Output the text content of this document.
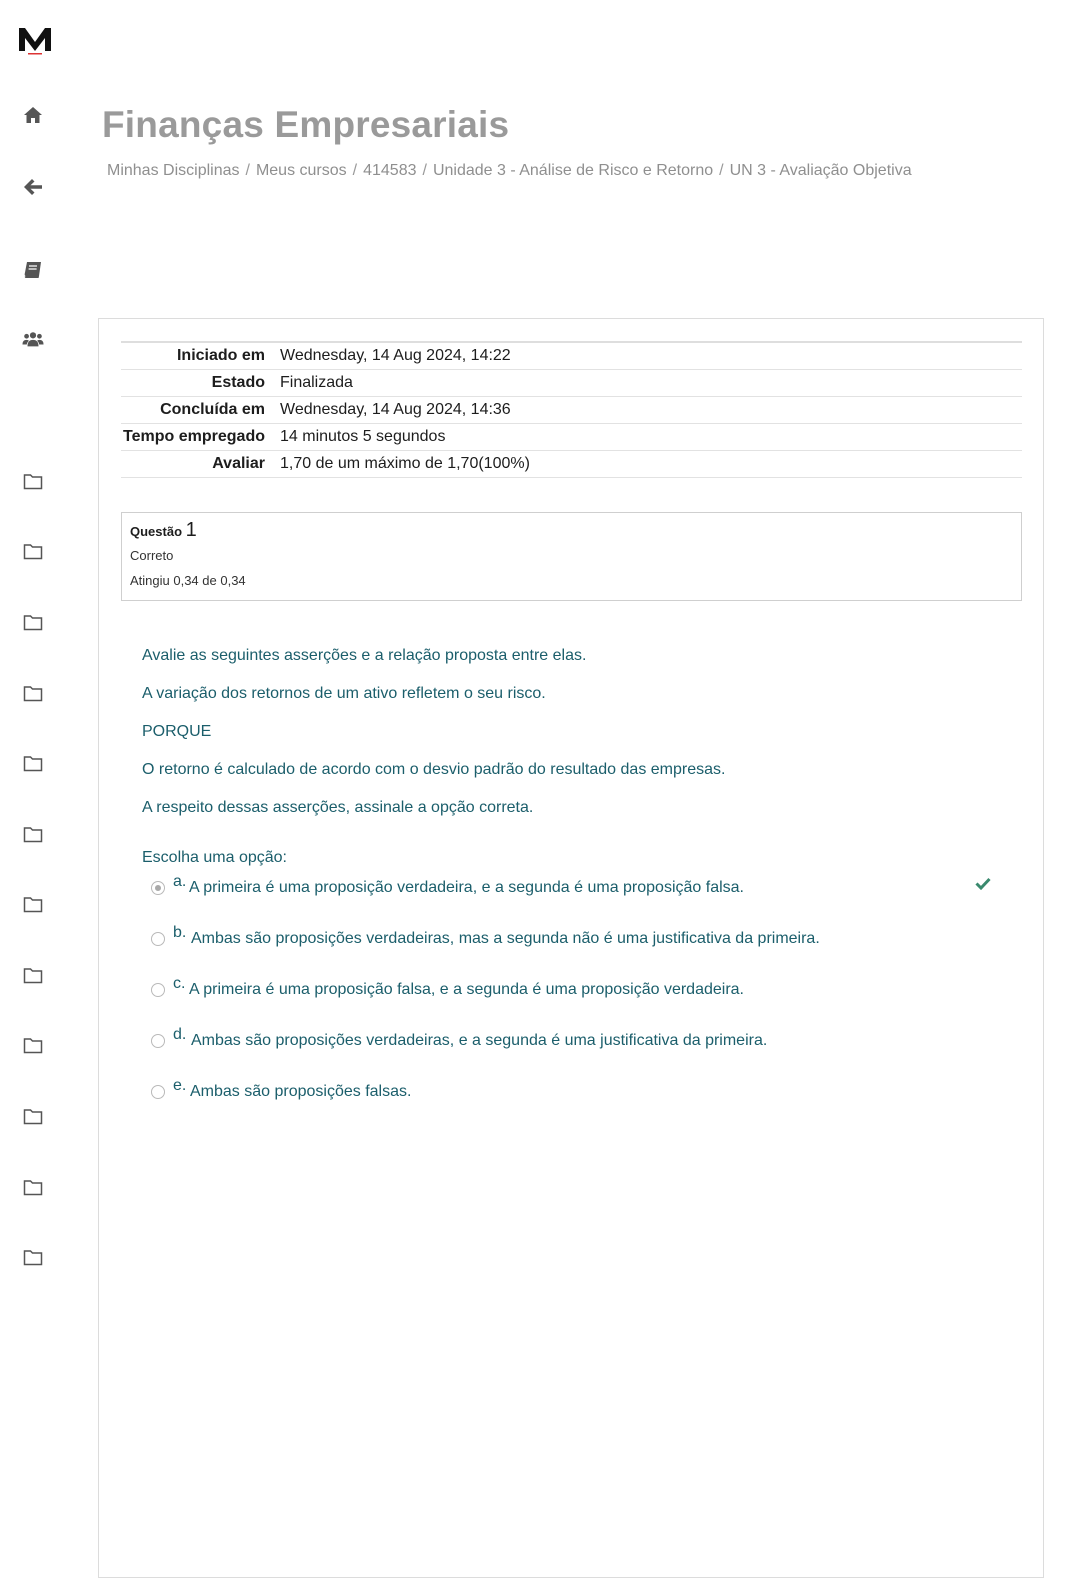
Finanças Empresariais
Minhas Disciplinas / Meus cursos / 414583 / Unidade 3 - Análise de Risco e Retorno / UN 3 - Avaliação Objetiva
Iniciado em Wednesday, 14 Aug 2024, 14:22
Estado Finalizada
Concluída em Wednesday, 14 Aug 2024, 14:36
Tempo empregado 14 minutos 5 segundos
Avaliar 1,70 de um máximo de 1,70(100%)
Questão 1
Correto
Atingiu 0,34 de 0,34

Avalie as seguintes asserções e a relação proposta entre elas.

A variação dos retornos de um ativo refletem o seu risco.

PORQUE

O retorno é calculado de acordo com o desvio padrão do resultado das empresas.

A respeito dessas asserções, assinale a opção correta.

Escolha uma opção:
a. A primeira é uma proposição verdadeira, e a segunda é uma proposição falsa.
b. Ambas são proposições verdadeiras, mas a segunda não é uma justificativa da primeira.
c. A primeira é uma proposição falsa, e a segunda é uma proposição verdadeira.
d. Ambas são proposições verdadeiras, e a segunda é uma justificativa da primeira.
e. Ambas são proposições falsas.
